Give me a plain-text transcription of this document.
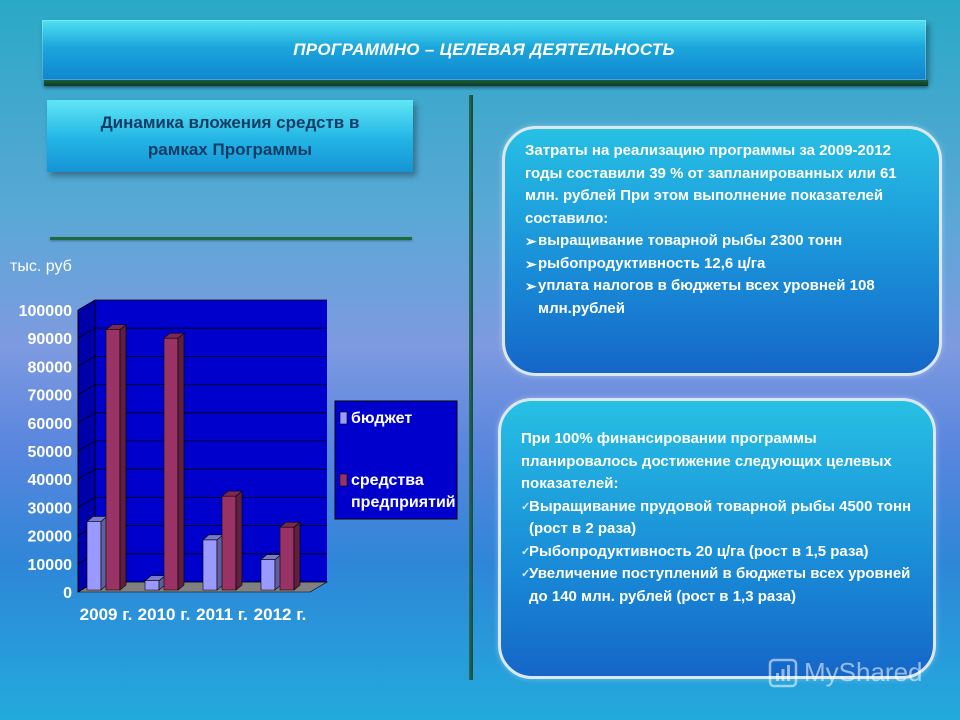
ПРОГРАММНО – ЦЕЛЕВАЯ ДЕЯТЕЛЬНОСТЬ
Динамика вложения средств в
рамках Программы
тыс. руб
100000
90000
80000
70000
60000
50000
40000
30000
20000
10000
0
2009 г. 2010 г. 2011 г. 2012 г.
бюджет
средства
предприятий

Затраты на реализацию программы за 2009-2012 годы составили 39 % от запланированных или 61 млн. рублей При этом выполнение показателей составило:

➢ выращивание товарной рыбы 2300 тонн
➢ рыбопродуктивность 12,6 ц/га
➢ уплата налогов в бюджеты всех уровней 108 млн.рублей

При 100% финансировании программы планировалось достижение следующих целевых показателей:

✓
Выращивание прудовой товарной рыбы 4500 тонн (рост в 2 раза)
✓
Рыбопродуктивность 20 ц/га (рост в 1,5 раза)
✓
Увеличение поступлений в бюджеты всех уровней до 140 млн. рублей (рост в 1,3 раза)
MyShared
